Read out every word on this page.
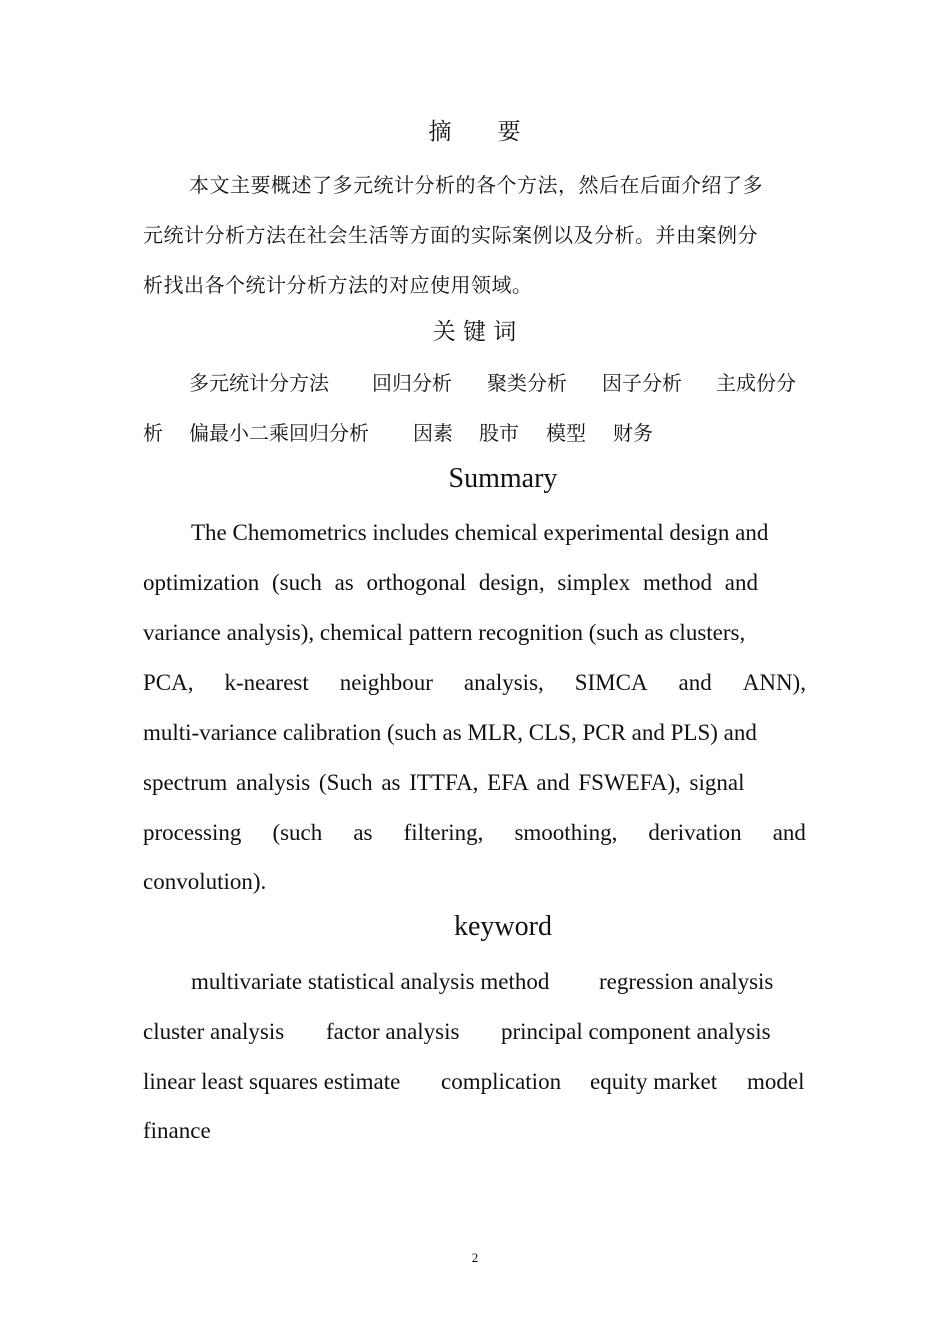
摘　　要
本文主要概述了多元统计分析的各个方法，然后在后面介绍了多
元统计分析方法在社会生活等方面的实际案例以及分析。并由案例分
析找出各个统计分析方法的对应使用领域。
关 键 词
多元统计分方法 回归分析 聚类分析 因子分析 主成份分
析 偏最小二乘回归分析 因素 股市 模型 财务
Summary
The Chemometrics includes chemical experimental design and
optimization (such as orthogonal design, simplex method and
variance analysis), chemical pattern recognition (such as clusters,
PCA, k-nearest neighbour analysis, SIMCA and ANN),
multi-variance calibration (such as MLR, CLS, PCR and PLS) and
spectrum analysis (Such as ITTFA, EFA and FSWEFA), signal
processing (such as filtering, smoothing, derivation and
convolution).
keyword
multivariate statistical analysis method regression analysis
cluster analysis factor analysis principal component analysis
linear least squares estimate complication equity market model
finance
2
